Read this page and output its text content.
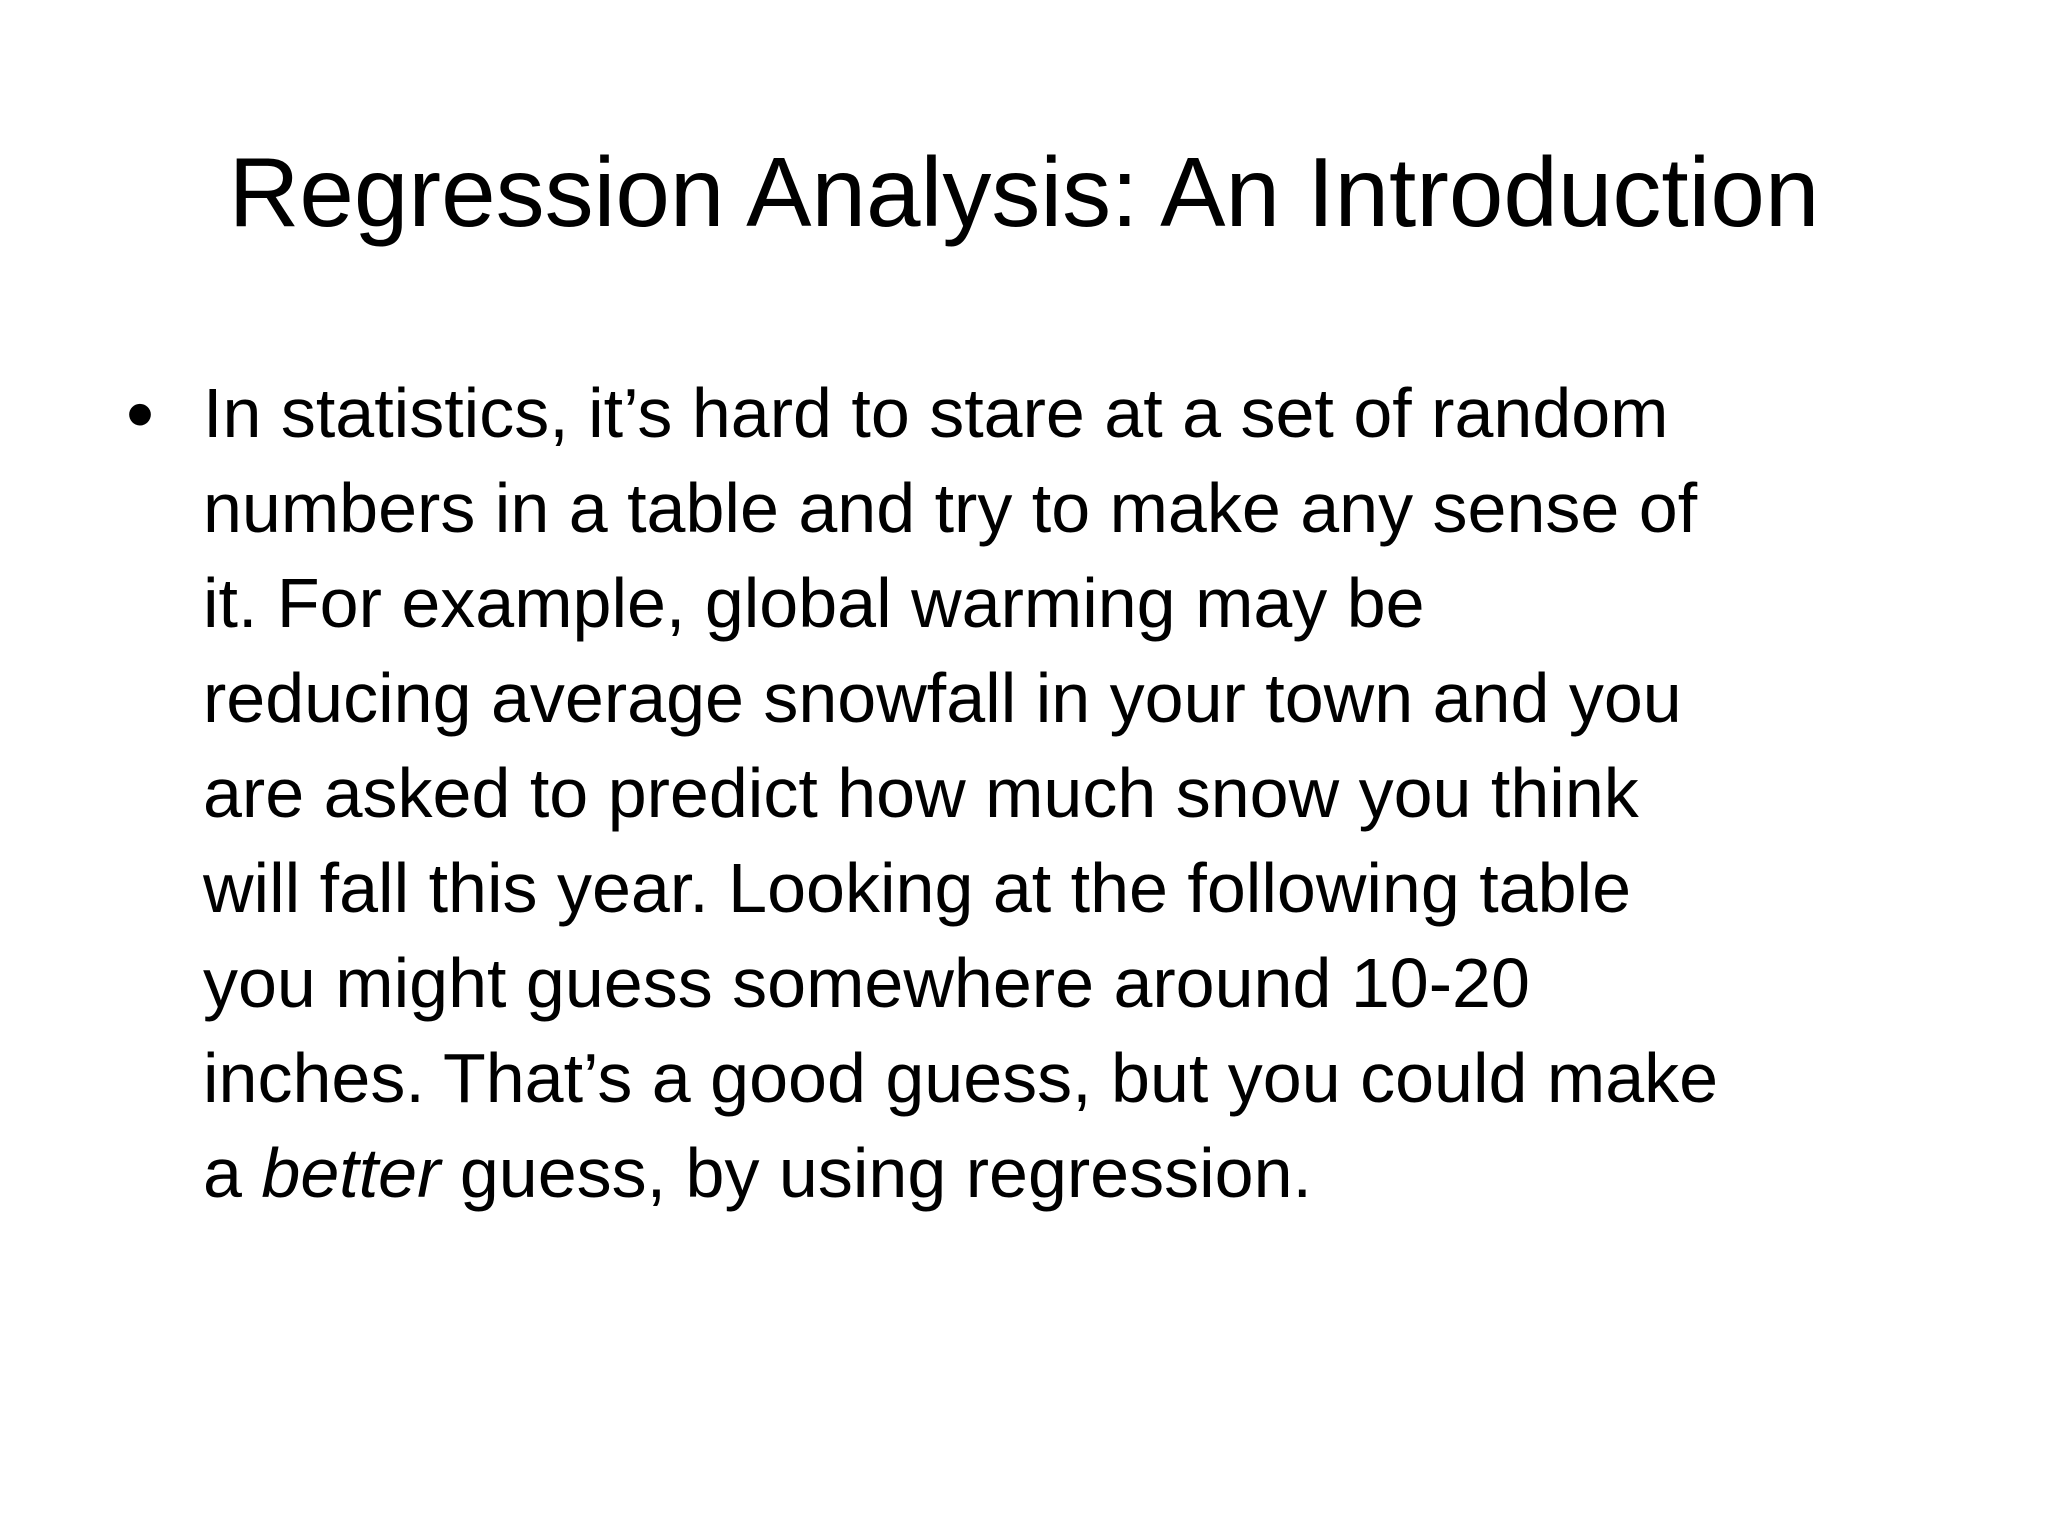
Regression Analysis: An Introduction
• In statistics, it’s hard to stare at a set of random
numbers in a table and try to make any sense of
it. For example, global warming may be
reducing average snowfall in your town and you
are asked to predict how much snow you think
will fall this year. Looking at the following table
you might guess somewhere around 10-20
inches. That’s a good guess, but you could make
a better guess, by using regression.
